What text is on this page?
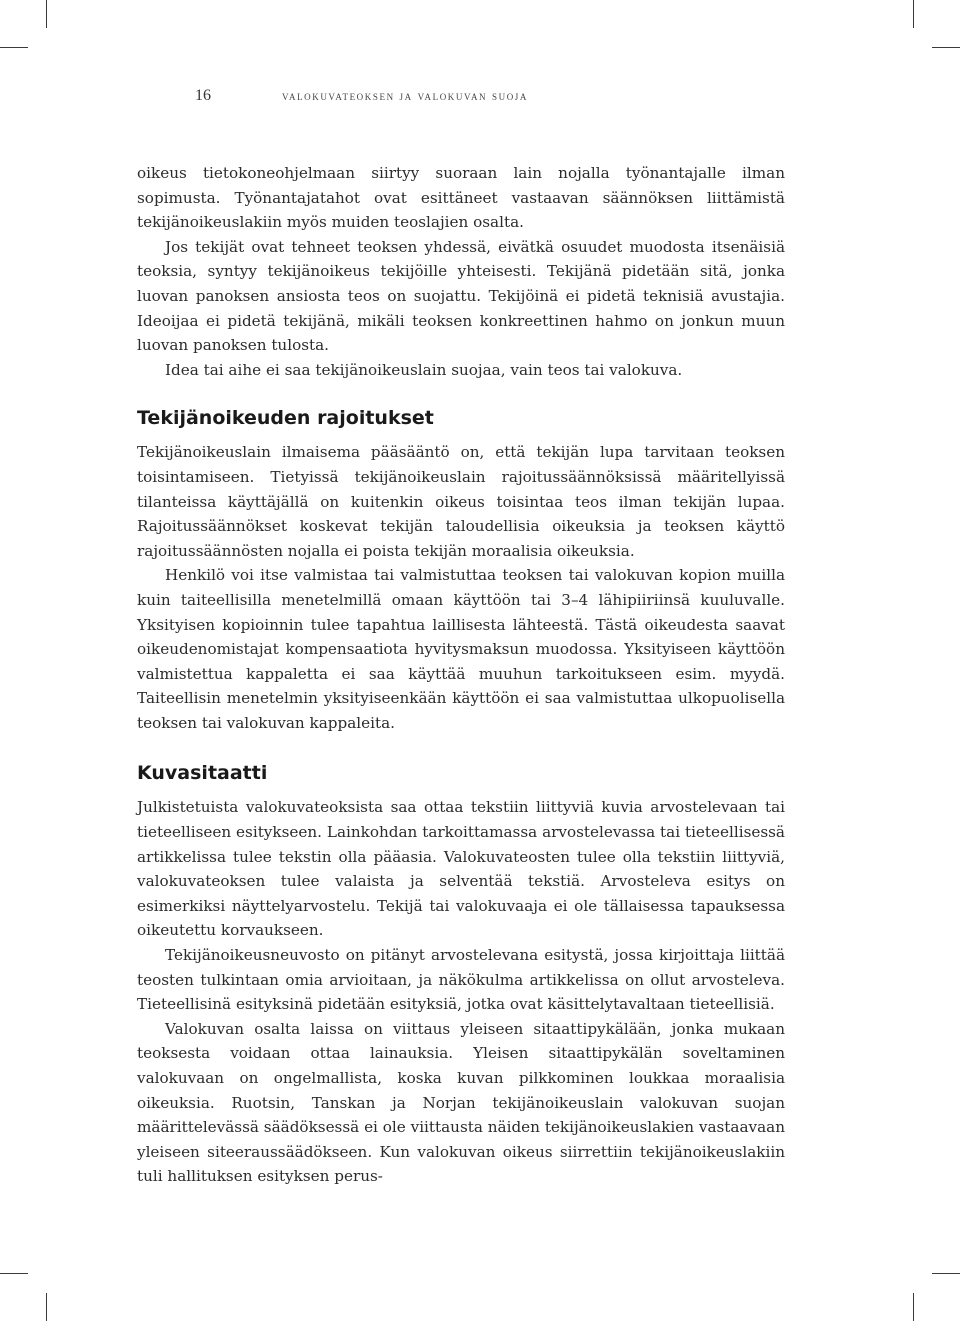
16	valokuvateoksen ja valokuvan suoja

oikeus tietokoneohjelmaan siirtyy suoraan lain nojalla työnantajalle ilman sopimusta. Työnantajatahot ovat esittäneet vastaavan säännöksen liittämistä tekijänoikeuslakiin myös muiden teoslajien osalta.

Jos tekijät ovat tehneet teoksen yhdessä, eivätkä osuudet muodosta itsenäisiä teoksia, syntyy tekijänoikeus tekijöille yhteisesti. Tekijänä pidetään sitä, jonka luovan panoksen ansiosta teos on suojattu. Tekijöinä ei pidetä teknisiä avustajia. Ideoijaa ei pidetä tekijänä, mikäli teoksen konkreettinen hahmo on jonkun muun luovan panoksen tulosta.

Idea tai aihe ei saa tekijänoikeuslain suojaa, vain teos tai valokuva.

Tekijänoikeuden rajoitukset

Tekijänoikeuslain ilmaisema pääsääntö on, että tekijän lupa tarvitaan teoksen toisintamiseen. Tietyissä tekijänoikeuslain rajoitussäännöksissä määritellyissä tilanteissa käyttäjällä on kuitenkin oikeus toisintaa teos ilman tekijän lupaa. Rajoitussäännökset koskevat tekijän taloudellisia oikeuksia ja teoksen käyttö rajoitussäännösten nojalla ei poista tekijän moraalisia oikeuksia.

Henkilö voi itse valmistaa tai valmistuttaa teoksen tai valokuvan kopion muilla kuin taiteellisilla menetelmillä omaan käyttöön tai 3–4 lähipiiriinsä kuuluvalle. Yksityisen kopioinnin tulee tapahtua laillisesta lähteestä. Tästä oikeudesta saavat oikeudenomistajat kompensaatiota hyvitysmaksun muodossa. Yksityiseen käyttöön valmistettua kappaletta ei saa käyttää muuhun tarkoitukseen esim. myydä. Taiteellisin menetelmin yksityiseenkään käyttöön ei saa valmistuttaa ulkopuolisella teoksen tai valokuvan kappaleita.

Kuvasitaatti

Julkistetuista valokuvateoksista saa ottaa tekstiin liittyviä kuvia arvostelevaan tai tieteelliseen esitykseen. Lainkohdan tarkoittamassa arvostelevassa tai tieteellisessä artikkelissa tulee tekstin olla pääasia. Valokuvateosten tulee olla tekstiin liittyviä, valokuvateoksen tulee valaista ja selventää tekstiä. Arvosteleva esitys on esimerkiksi näyttelyarvostelu. Tekijä tai valokuvaaja ei ole tällaisessa tapauksessa oikeutettu korvaukseen.

Tekijänoikeusneuvosto on pitänyt arvostelevana esitystä, jossa kirjoittaja liittää teosten tulkintaan omia arvioitaan, ja näkökulma artikkelissa on ollut arvosteleva. Tieteellisinä esityksinä pidetään esityksiä, jotka ovat käsittelytavaltaan tieteellisiä.

Valokuvan osalta laissa on viittaus yleiseen sitaattipykälään, jonka mukaan teoksesta voidaan ottaa lainauksia. Yleisen sitaattipykälän soveltaminen valokuvaan on ongelmallista, koska kuvan pilkkominen loukkaa moraalisia oikeuksia. Ruotsin, Tanskan ja Norjan tekijänoikeuslain valokuvan suojan määrittelevässä säädöksessä ei ole viittausta näiden tekijänoikeuslakien vastaavaan yleiseen siteeraussäädökseen. Kun valokuvan oikeus siirrettiin tekijänoikeuslakiin tuli hallituksen esityksen perus-
